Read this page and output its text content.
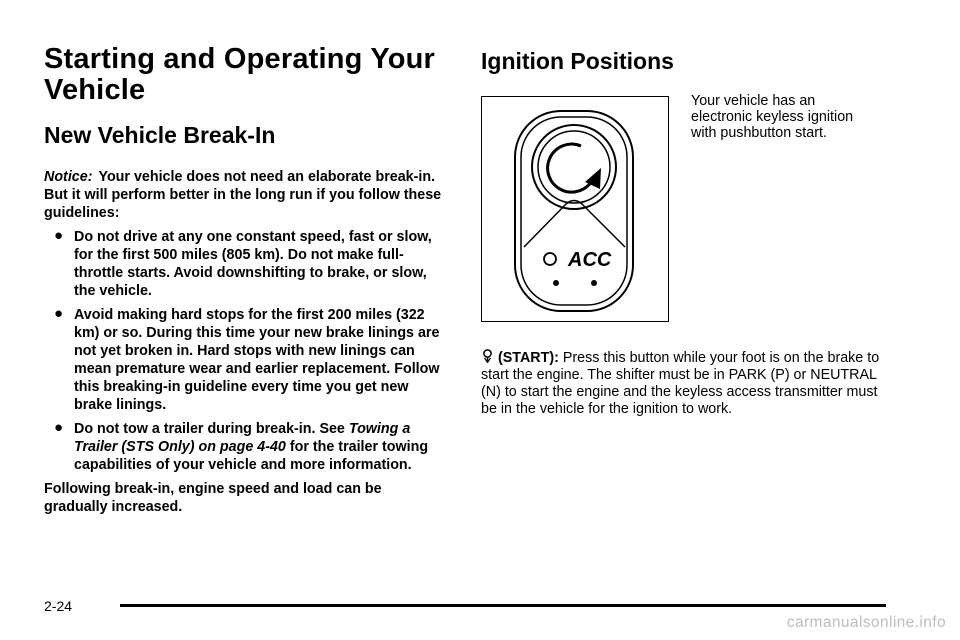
Starting and Operating Your Vehicle
New Vehicle Break-In
Notice: Your vehicle does not need an elaborate break-in. But it will perform better in the long run if you follow these guidelines:
● Do not drive at any one constant speed, fast or slow, for the first 500 miles (805 km). Do not make full-throttle starts. Avoid downshifting to brake, or slow, the vehicle.
● Avoid making hard stops for the first 200 miles (322 km) or so. During this time your new brake linings are not yet broken in. Hard stops with new linings can mean premature wear and earlier replacement. Follow this breaking-in guideline every time you get new brake linings.
● Do not tow a trailer during break-in. See Towing a Trailer (STS Only) on page 4-40 for the trailer towing capabilities of your vehicle and more information.
Following break-in, engine speed and load can be gradually increased.
Ignition Positions
ACC
Your vehicle has an electronic keyless ignition with pushbutton start.
(START): Press this button while your foot is on the brake to start the engine. The shifter must be in PARK (P) or NEUTRAL (N) to start the engine and the keyless access transmitter must be in the vehicle for the ignition to work.
2-24
carmanualsonline.info
